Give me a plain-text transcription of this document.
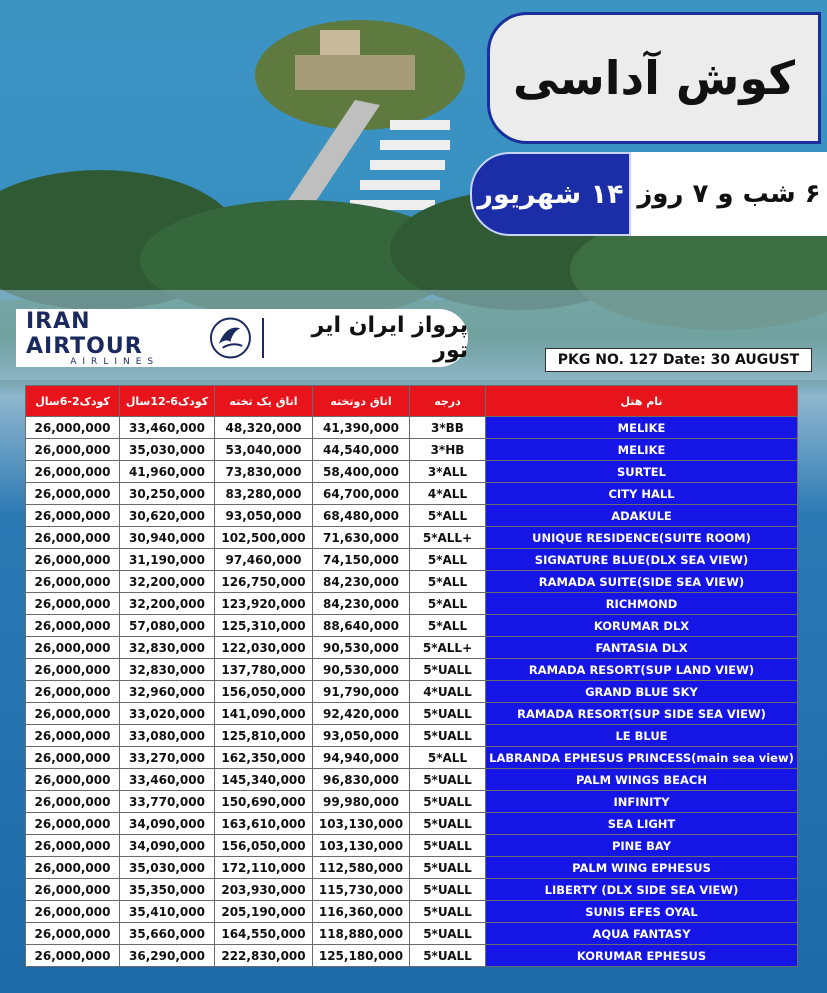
کوش آداسی
۶ شب و ۷ روز
۱۴ شهریور
IRAN AIRTOUR
AIRLINES
پرواز ایران ایر تور	PKG NO. 127 Date: 30 AUGUST
کودک2-6سال	کودک6-12سال	اتاق یک تخته	اتاق دوتخته	درجه	نام هتل
26,000,000	33,460,000	48,320,000	41,390,000	3*BB	MELIKE
26,000,000	35,030,000	53,040,000	44,540,000	3*HB	MELIKE
26,000,000	41,960,000	73,830,000	58,400,000	3*ALL	SURTEL
26,000,000	30,250,000	83,280,000	64,700,000	4*ALL	CITY HALL
26,000,000	30,620,000	93,050,000	68,480,000	5*ALL	ADAKULE
26,000,000	30,940,000	102,500,000	71,630,000	5*ALL+	UNIQUE RESIDENCE(SUITE ROOM)
26,000,000	31,190,000	97,460,000	74,150,000	5*ALL	SIGNATURE BLUE(DLX SEA VIEW)
26,000,000	32,200,000	126,750,000	84,230,000	5*ALL	RAMADA SUITE(SIDE SEA VIEW)
26,000,000	32,200,000	123,920,000	84,230,000	5*ALL	RICHMOND
26,000,000	57,080,000	125,310,000	88,640,000	5*ALL	KORUMAR DLX
26,000,000	32,830,000	122,030,000	90,530,000	5*ALL+	FANTASIA DLX
26,000,000	32,830,000	137,780,000	90,530,000	5*UALL	RAMADA RESORT(SUP LAND VIEW)
26,000,000	32,960,000	156,050,000	91,790,000	4*UALL	GRAND BLUE SKY
26,000,000	33,020,000	141,090,000	92,420,000	5*UALL	RAMADA RESORT(SUP SIDE SEA VIEW)
26,000,000	33,080,000	125,810,000	93,050,000	5*UALL	LE BLUE
26,000,000	33,270,000	162,350,000	94,940,000	5*ALL	LABRANDA EPHESUS PRINCESS(main sea view)
26,000,000	33,460,000	145,340,000	96,830,000	5*UALL	PALM WINGS BEACH
26,000,000	33,770,000	150,690,000	99,980,000	5*UALL	INFINITY
26,000,000	34,090,000	163,610,000	103,130,000	5*UALL	SEA LIGHT
26,000,000	34,090,000	156,050,000	103,130,000	5*UALL	PINE BAY
26,000,000	35,030,000	172,110,000	112,580,000	5*UALL	PALM WING EPHESUS
26,000,000	35,350,000	203,930,000	115,730,000	5*UALL	LIBERTY (DLX SIDE SEA VIEW)
26,000,000	35,410,000	205,190,000	116,360,000	5*UALL	SUNIS EFES OYAL
26,000,000	35,660,000	164,550,000	118,880,000	5*UALL	AQUA FANTASY
26,000,000	36,290,000	222,830,000	125,180,000	5*UALL	KORUMAR EPHESUS
